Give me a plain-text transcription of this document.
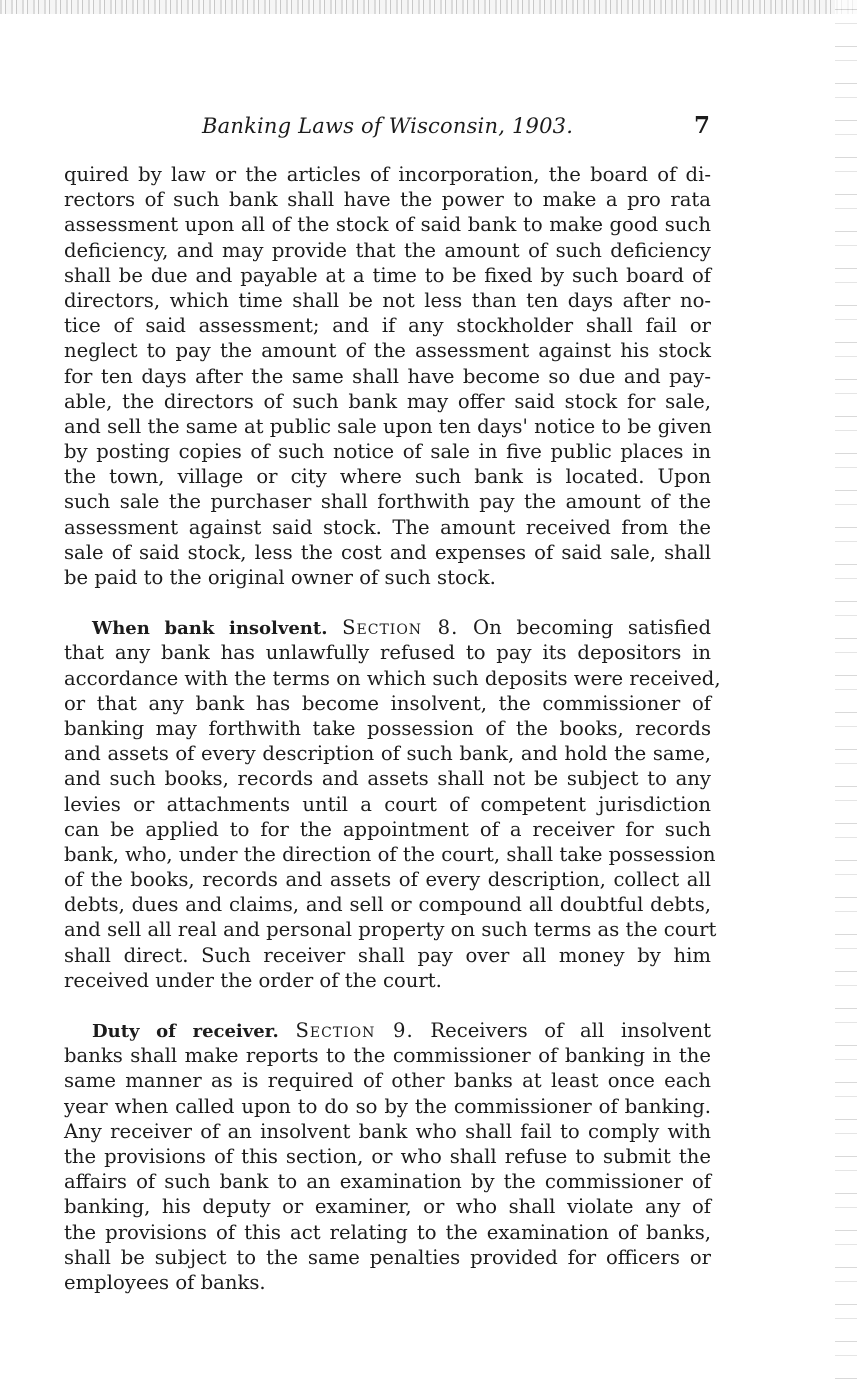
Banking Laws of Wisconsin, 1903.	7
quired by law or the articles of incorporation, the board of di-
rectors of such bank shall have the power to make a pro rata
assessment upon all of the stock of said bank to make good such
deficiency, and may provide that the amount of such deficiency
shall be due and payable at a time to be fixed by such board of
directors, which time shall be not less than ten days after no-
tice of said assessment; and if any stockholder shall fail or
neglect to pay the amount of the assessment against his stock
for ten days after the same shall have become so due and pay-
able, the directors of such bank may offer said stock for sale,
and sell the same at public sale upon ten days' notice to be given
by posting copies of such notice of sale in five public places in
the town, village or city where such bank is located. Upon
such sale the purchaser shall forthwith pay the amount of the
assessment against said stock. The amount received from the
sale of said stock, less the cost and expenses of said sale, shall
be paid to the original owner of such stock.
When bank insolvent. Section 8. On becoming satisfied
that any bank has unlawfully refused to pay its depositors in
accordance with the terms on which such deposits were received,
or that any bank has become insolvent, the commissioner of
banking may forthwith take possession of the books, records
and assets of every description of such bank, and hold the same,
and such books, records and assets shall not be subject to any
levies or attachments until a court of competent jurisdiction
can be applied to for the appointment of a receiver for such
bank, who, under the direction of the court, shall take possession
of the books, records and assets of every description, collect all
debts, dues and claims, and sell or compound all doubtful debts,
and sell all real and personal property on such terms as the court
shall direct. Such receiver shall pay over all money by him
received under the order of the court.
Duty of receiver. Section 9. Receivers of all insolvent
banks shall make reports to the commissioner of banking in the
same manner as is required of other banks at least once each
year when called upon to do so by the commissioner of banking.
Any receiver of an insolvent bank who shall fail to comply with
the provisions of this section, or who shall refuse to submit the
affairs of such bank to an examination by the commissioner of
banking, his deputy or examiner, or who shall violate any of
the provisions of this act relating to the examination of banks,
shall be subject to the same penalties provided for officers or
employees of banks.
